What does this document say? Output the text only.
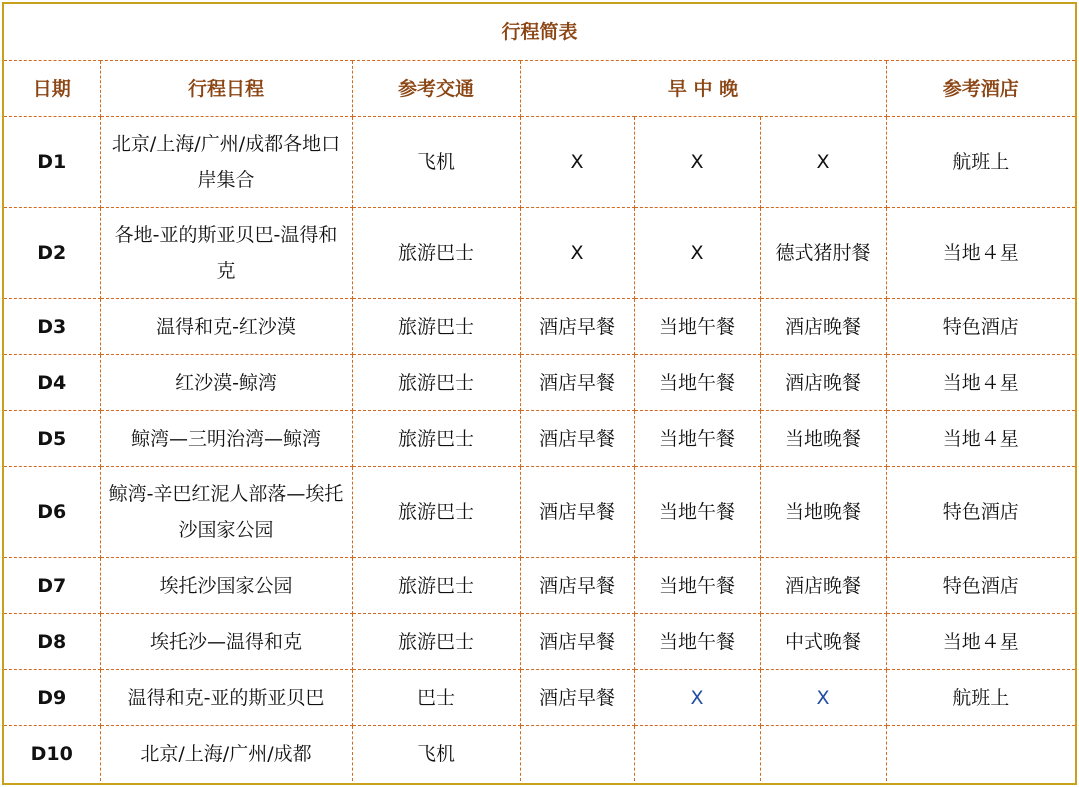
行程简表						
日期	行程日程	参考交通	早 中 晚			参考酒店
D1	北京/上海/广州/成都各地口岸集合	飞机	X	X	X	航班上
D2	各地-亚的斯亚贝巴-温得和克	旅游巴士	X	X	德式猪肘餐	当地４星
D3	温得和克-红沙漠	旅游巴士	酒店早餐	当地午餐	酒店晚餐	特色酒店
D4	红沙漠-鲸湾	旅游巴士	酒店早餐	当地午餐	酒店晚餐	当地４星
D5	鲸湾—三明治湾—鲸湾	旅游巴士	酒店早餐	当地午餐	当地晚餐	当地４星
D6	鲸湾-辛巴红泥人部落—埃托沙国家公园	旅游巴士	酒店早餐	当地午餐	当地晚餐	特色酒店
D7	埃托沙国家公园	旅游巴士	酒店早餐	当地午餐	酒店晚餐	特色酒店
D8	埃托沙—温得和克	旅游巴士	酒店早餐	当地午餐	中式晚餐	当地４星
D9	温得和克-亚的斯亚贝巴	巴士	酒店早餐	X	X	航班上
D10	北京/上海/广州/成都	飞机				
